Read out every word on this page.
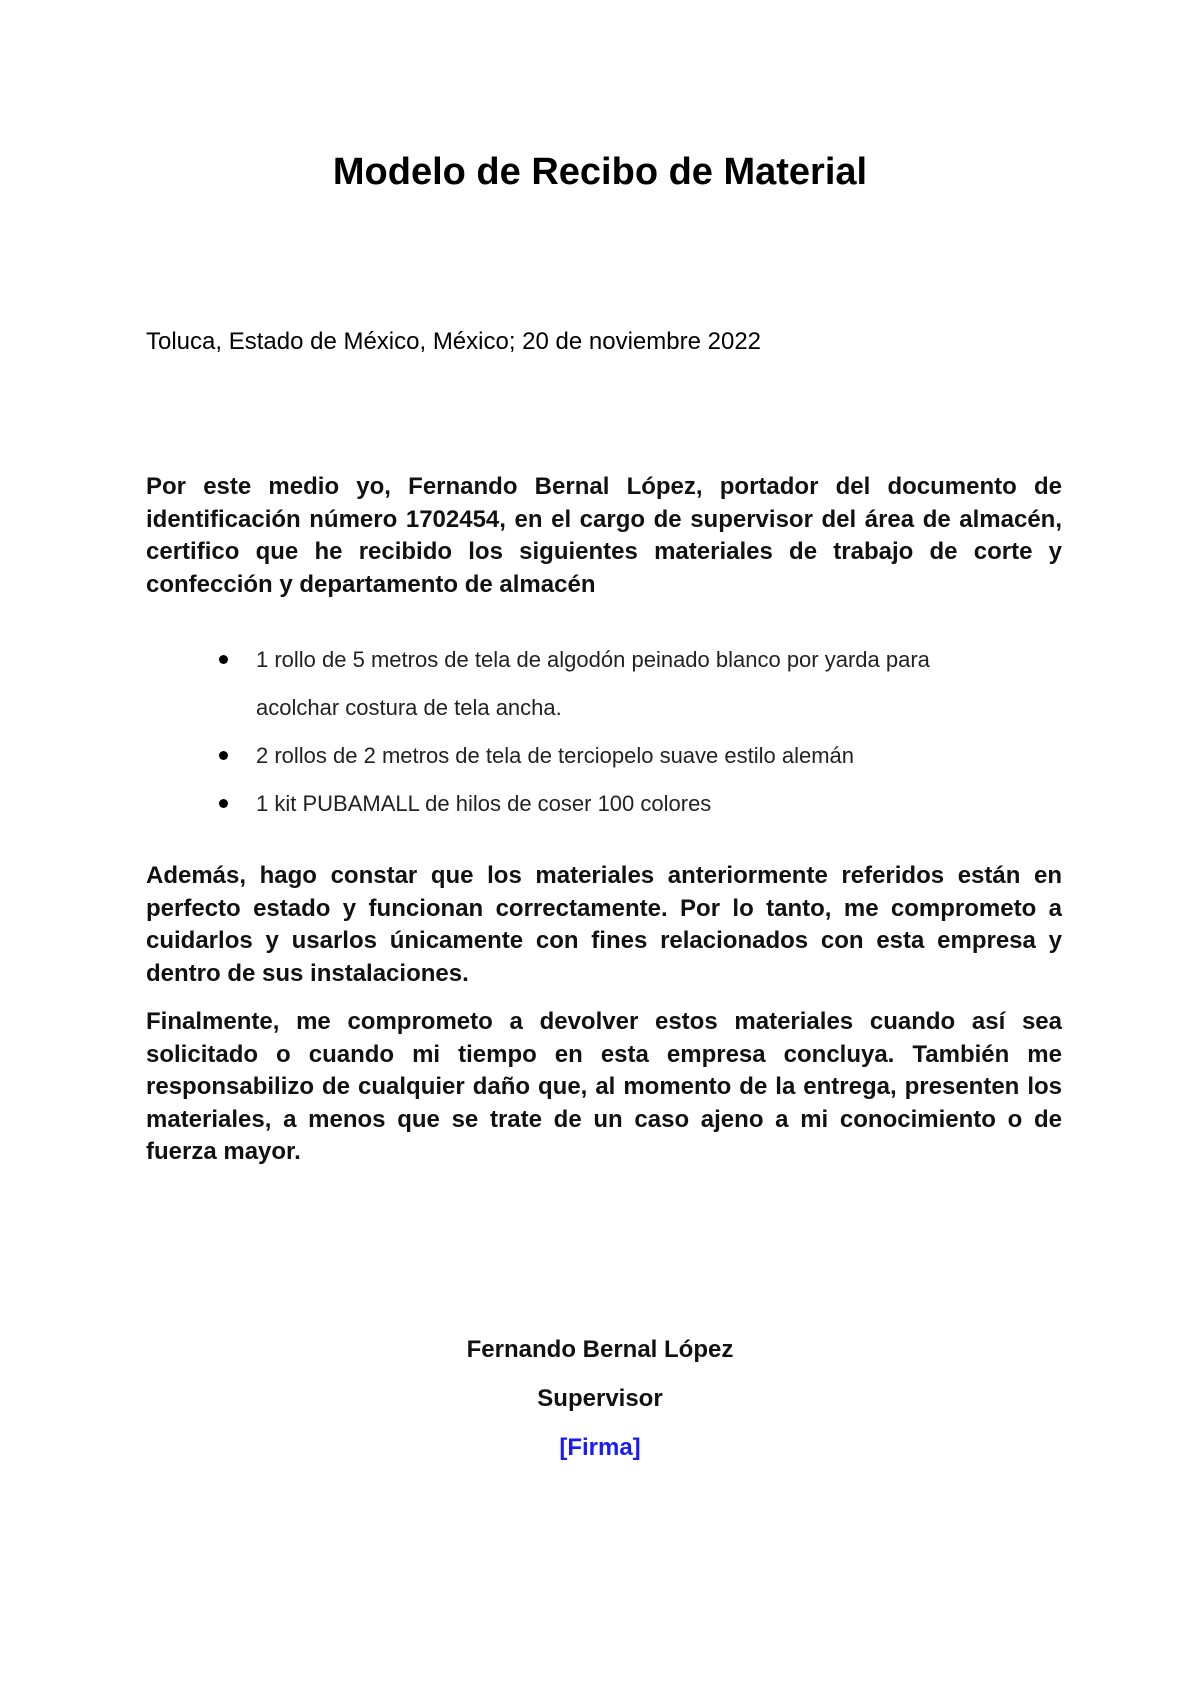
Modelo de Recibo de Material

Toluca, Estado de México, México; 20 de noviembre 2022

Por este medio yo, Fernando Bernal López, portador del documento de identificación número 1702454, en el cargo de supervisor del área de almacén, certifico que he recibido los siguientes materiales de trabajo de corte y confección y departamento de almacén

1 rollo de 5 metros de tela de algodón peinado blanco por yarda para acolchar costura de tela ancha.
2 rollos de 2 metros de tela de terciopelo suave estilo alemán
1 kit PUBAMALL de hilos de coser 100 colores

Además, hago constar que los materiales anteriormente referidos están en perfecto estado y funcionan correctamente. Por lo tanto, me comprometo a cuidarlos y usarlos únicamente con fines relacionados con esta empresa y dentro de sus instalaciones.

Finalmente, me comprometo a devolver estos materiales cuando así sea solicitado o cuando mi tiempo en esta empresa concluya. También me responsabilizo de cualquier daño que, al momento de la entrega, presenten los materiales, a menos que se trate de un caso ajeno a mi conocimiento o de fuerza mayor.

Fernando Bernal López

Supervisor

[Firma]
